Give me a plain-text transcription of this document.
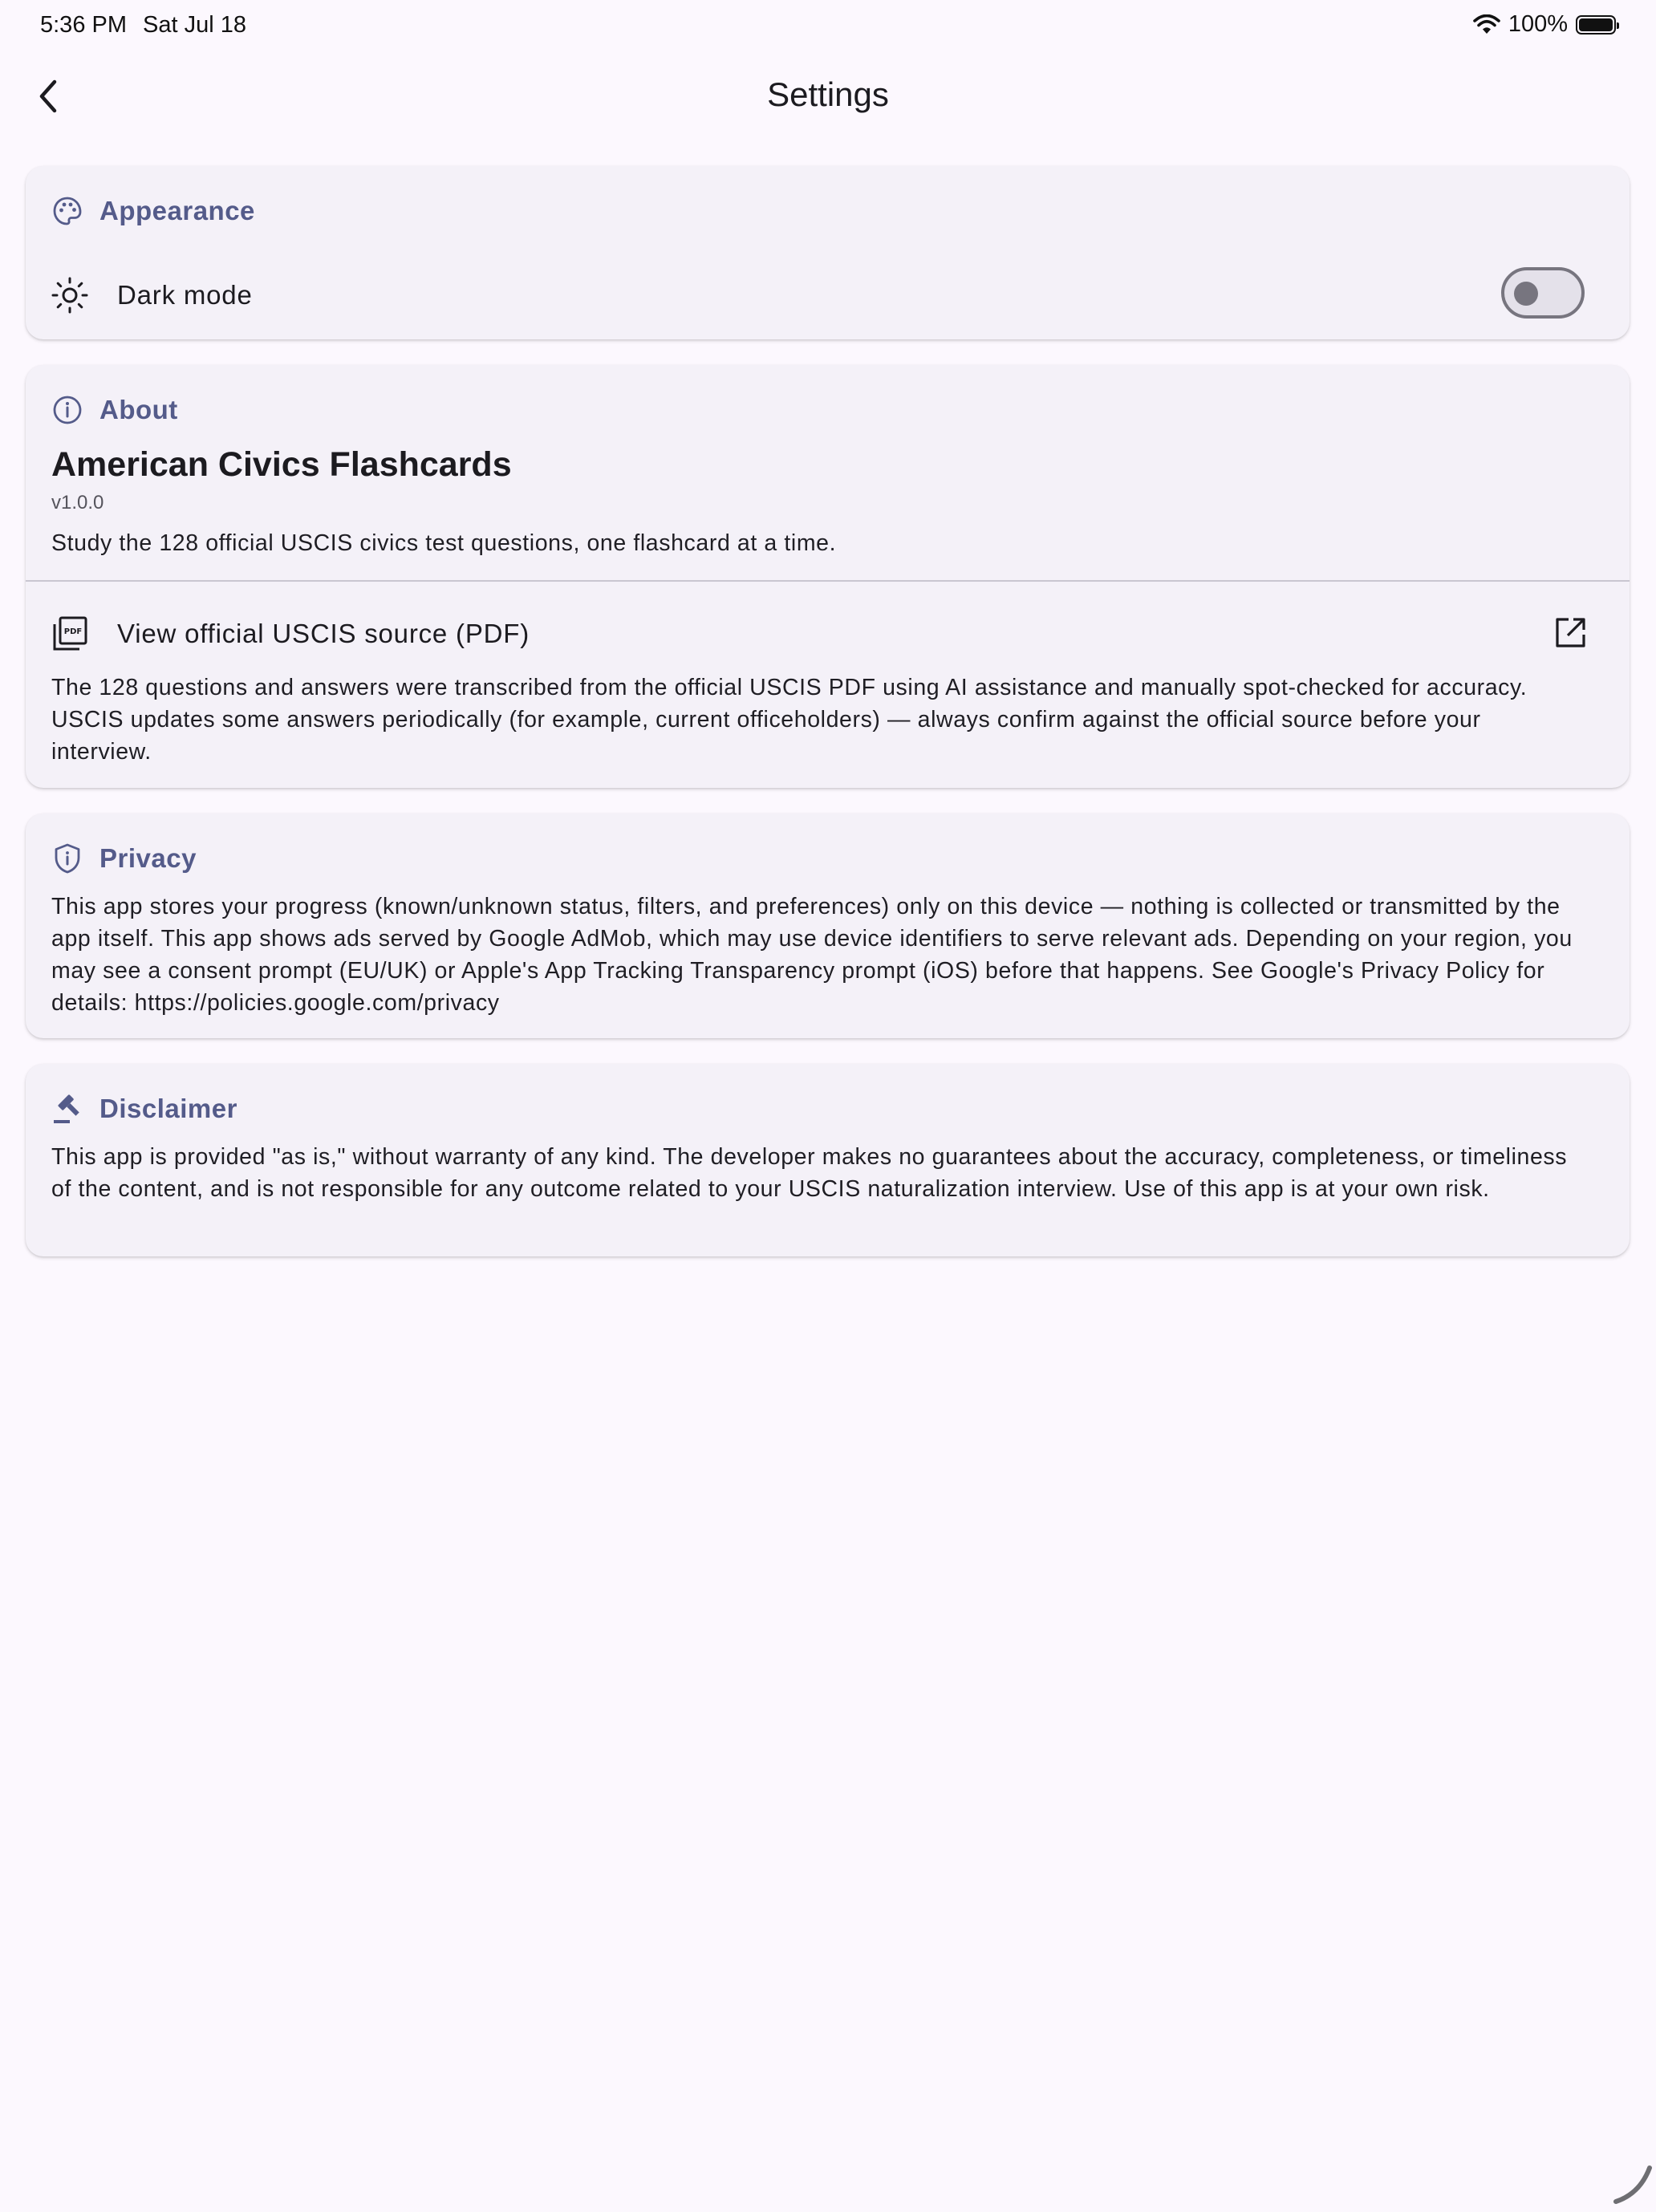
5:36 PM Sat Jul 18	100%
Settings
Appearance
Dark mode
About
American Civics Flashcards
v1.0.0
Study the 128 official USCIS civics test questions, one flashcard at a time.
PDF View official USCIS source (PDF)
The 128 questions and answers were transcribed from the official USCIS PDF using AI assistance and manually spot-checked for accuracy. USCIS updates some answers periodically (for example, current officeholders) — always confirm against the official source before your interview.
Privacy
This app stores your progress (known/unknown status, filters, and preferences) only on this device — nothing is collected or transmitted by the app itself. This app shows ads served by Google AdMob, which may use device identifiers to serve relevant ads. Depending on your region, you may see a consent prompt (EU/UK) or Apple's App Tracking Transparency prompt (iOS) before that happens. See Google's Privacy Policy for details: https://policies.google.com/privacy
Disclaimer
This app is provided "as is," without warranty of any kind. The developer makes no guarantees about the accuracy, completeness, or timeliness of the content, and is not responsible for any outcome related to your USCIS naturalization interview. Use of this app is at your own risk.
